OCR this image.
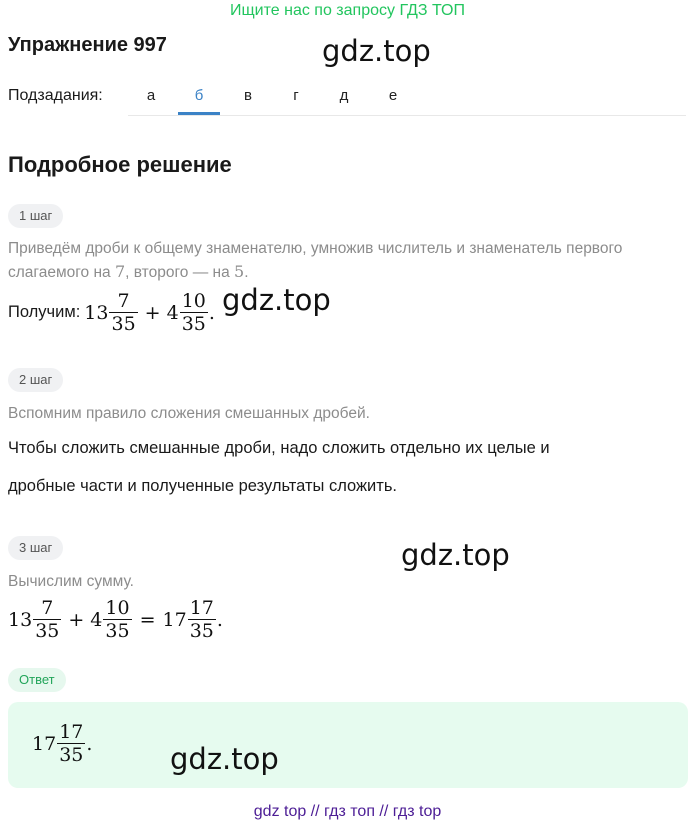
Ищите нас по запросу ГДЗ ТОП
Упражнение 997	gdz.top
Подзадания:	а	б	в	г	д	е
Подробное решение
1 шаг
Приведём дроби к общему знаменателю, умножив числитель и знаменатель первого
слагаемого на 7, второго — на 5.
Получим: $13 \frac{7}{35} + 4 \frac{10}{35}$ . gdz.top
2 шаг
Вспомним правило сложения смешанных дробей.
Чтобы сложить смешанные дроби, надо сложить отдельно их целые и
дробные части и полученные результаты сложить.
3 шаг	gdz.top
Вычислим сумму.
$13 \frac{7}{35} + 4 \frac{10}{35} = 17 \frac{17}{35}$ .
Ответ
$17 \frac{17}{35}$ .	gdz.top
gdz top // гдз топ // гдз top
